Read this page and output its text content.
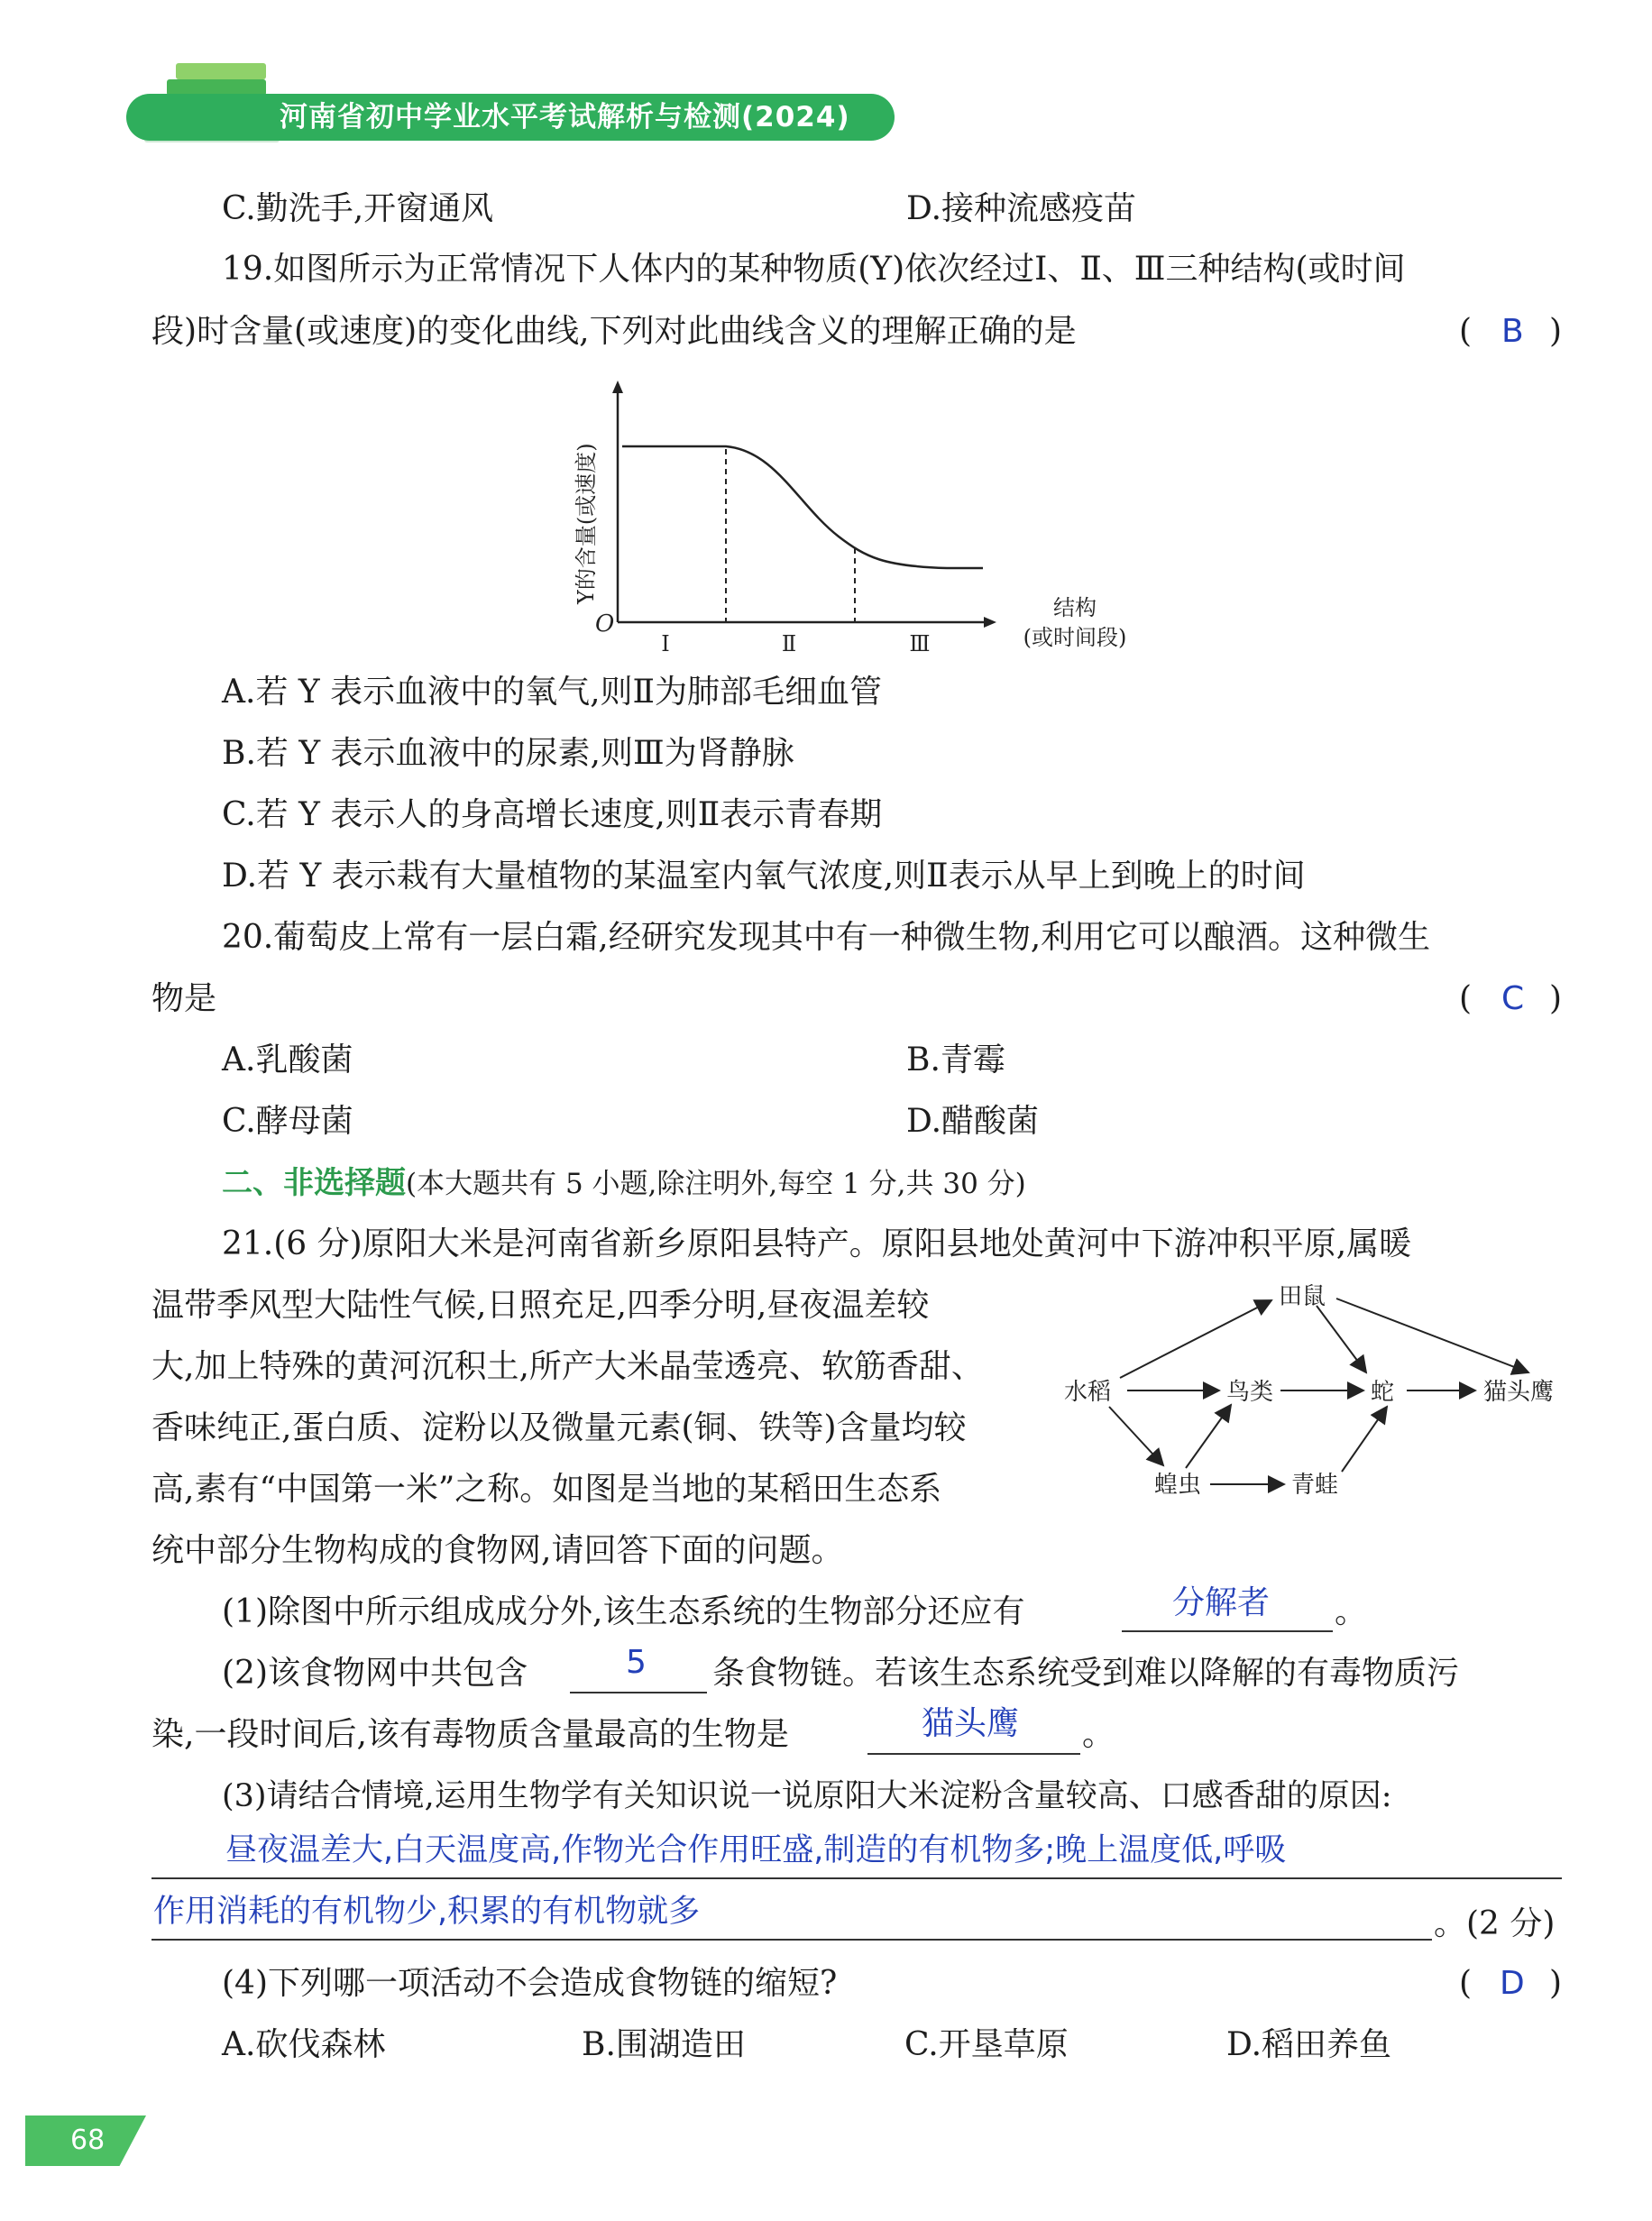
河南省初中学业水平考试解析与检测(2024)
C.勤洗手,开窗通风	D.接种流感疫苗
19.如图所示为正常情况下人体内的某种物质(Y)依次经过Ⅰ、Ⅱ、Ⅲ三种结构(或时间
段)时含量(或速度)的变化曲线,下列对此曲线含义的理解正确的是	( B )
O
Ⅰ	Ⅱ	Ⅲ
结构
(或时间段)
Y的含量(或速度)
A.若 Y 表示血液中的氧气,则Ⅱ为肺部毛细血管
B.若 Y 表示血液中的尿素,则Ⅲ为肾静脉
C.若 Y 表示人的身高增长速度,则Ⅱ表示青春期
D.若 Y 表示栽有大量植物的某温室内氧气浓度,则Ⅱ表示从早上到晚上的时间
20.葡萄皮上常有一层白霜,经研究发现其中有一种微生物,利用它可以酿酒。这种微生
物是	( C )
A.乳酸菌	B.青霉
C.酵母菌	D.醋酸菌
二、非选择题(本大题共有 5 小题,除注明外,每空 1 分,共 30 分)
21.(6 分)原阳大米是河南省新乡原阳县特产。原阳县地处黄河中下游冲积平原,属暖
温带季风型大陆性气候,日照充足,四季分明,昼夜温差较
大,加上特殊的黄河沉积土,所产大米晶莹透亮、软筋香甜、
香味纯正,蛋白质、淀粉以及微量元素(铜、铁等)含量均较
高,素有“中国第一米”之称。如图是当地的某稻田生态系
统中部分生物构成的食物网,请回答下面的问题。
水稻
田鼠
鸟类	蛇	猫头鹰
蝗虫	青蛙
(1)除图中所示组成成分外,该生态系统的生物部分还应有	分解者 。
(2)该食物网中共包含	5 条食物链。若该生态系统受到难以降解的有毒物质污
染,一段时间后,该有毒物质含量最高的生物是	猫头鹰 。
(3)请结合情境,运用生物学有关知识说一说原阳大米淀粉含量较高、口感香甜的原因:
昼夜温差大,白天温度高,作物光合作用旺盛,制造的有机物多;晚上温度低,呼吸
作用消耗的有机物少,积累的有机物就多	。(2 分)
(4)下列哪一项活动不会造成食物链的缩短?	( D )
A.砍伐森林	B.围湖造田	C.开垦草原	D.稻田养鱼
68
